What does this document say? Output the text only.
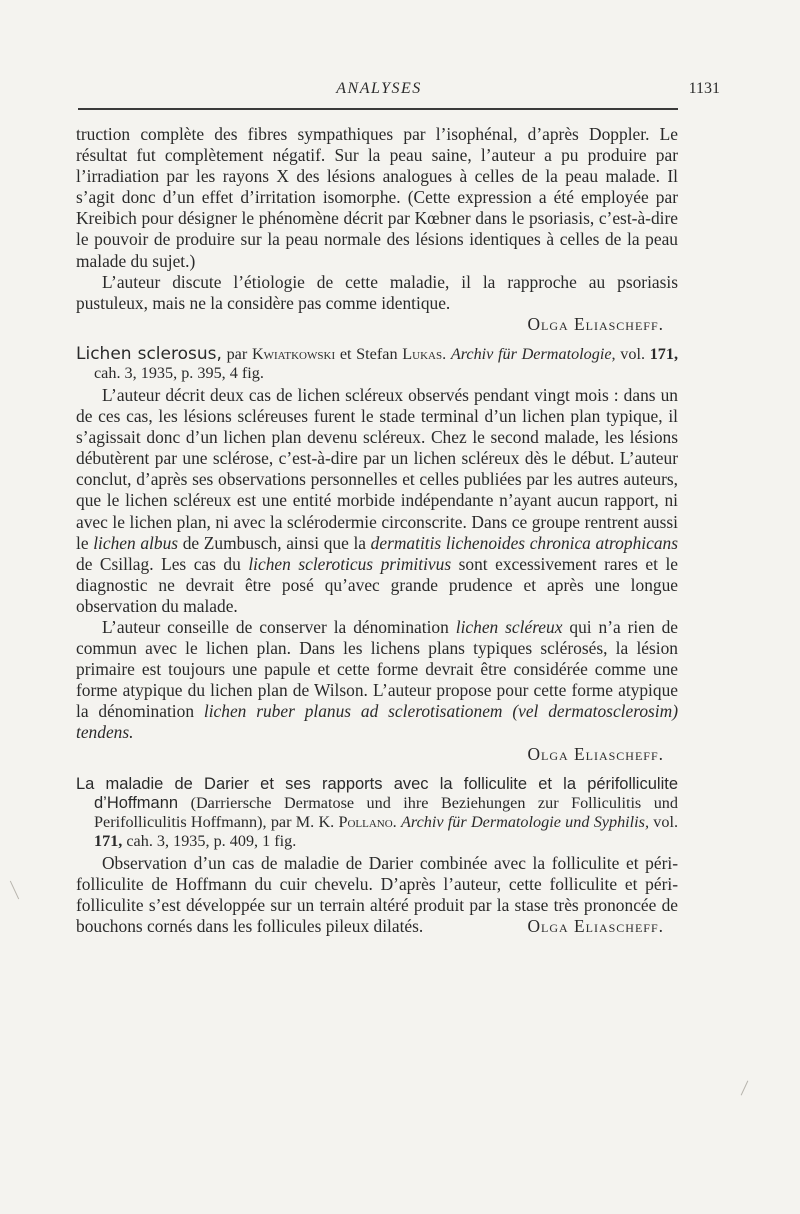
ANALYSES	1131

truction complète des fibres sympathiques par l’isophénal, d’après Doppler. Le résultat fut complètement négatif. Sur la peau saine, l’auteur a pu produire par l’irradiation par les rayons X des lésions analogues à celles de la peau malade. Il s’agit donc d’un effet d’irritation isomorphe. (Cette expression a été employée par Kreibich pour désigner le phénomène décrit par Kœbner dans le psoriasis, c’est-à-dire le pouvoir de produire sur la peau normale des lésions identiques à celles de la peau malade du sujet.)

L’auteur discute l’étiologie de cette maladie, il la rapproche au psoriasis pustuleux, mais ne la considère pas comme identique.

Olga Eliascheff.

Lichen sclerosus, par Kwiatkowski et Stefan Lukas. Archiv für Dermatologie, vol. 171, cah. 3, 1935, p. 395, 4 fig.

L’auteur décrit deux cas de lichen scléreux observés pendant vingt mois : dans un de ces cas, les lésions scléreuses furent le stade terminal d’un lichen plan typique, il s’agissait donc d’un lichen plan devenu scléreux. Chez le second malade, les lésions débutèrent par une sclérose, c’est-à-dire par un lichen scléreux dès le début. L’auteur conclut, d’après ses observations personnelles et celles publiées par les autres auteurs, que le lichen scléreux est une entité morbide indépendante n’ayant aucun rapport, ni avec le lichen plan, ni avec la sclérodermie circonscrite. Dans ce groupe rentrent aussi le lichen albus de Zumbusch, ainsi que la dermatitis lichenoides chronica atrophicans de Csillag. Les cas du lichen scleroticus primitivus sont excessivement rares et le diagnostic ne devrait être posé qu’avec grande prudence et après une longue observation du malade.

L’auteur conseille de conserver la dénomination lichen scléreux qui n’a rien de commun avec le lichen plan. Dans les lichens plans typiques sclérosés, la lésion primaire est toujours une papule et cette forme devrait être considérée comme une forme atypique du lichen plan de Wilson. L’auteur propose pour cette forme atypique la dénomination lichen ruber planus ad sclerotisationem (vel dermatosclerosim) tendens.

Olga Eliascheff.

La maladie de Darier et ses rapports avec la folliculite et la périfolliculite d’Hoffmann (Darriersche Dermatose und ihre Beziehungen zur Folliculitis und Perifolliculitis Hoffmann), par M. K. Pollano. Archiv für Dermatologie und Syphilis, vol. 171, cah. 3, 1935, p. 409, 1 fig.

Observation d’un cas de maladie de Darier combinée avec la folliculite et péri-folliculite de Hoffmann du cuir chevelu. D’après l’auteur, cette folliculite et péri-folliculite s’est développée sur un terrain altéré produit par la stase très prononcée de bouchons cornés dans les follicules pileux dilatés.	Olga Eliascheff.
